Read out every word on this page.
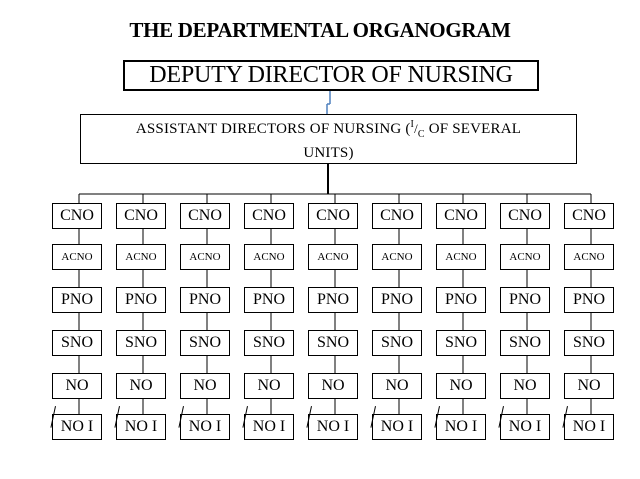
THE DEPARTMENTAL ORGANOGRAM
DEPUTY DIRECTOR OF NURSING
ASSISTANT DIRECTORS OF NURSING ($^I/_C$ OF SEVERAL UNITS)
CNO
ACNO
PNO
SNO
NO
NO I
CNO
ACNO
PNO
SNO
NO
NO I
CNO
ACNO
PNO
SNO
NO
NO I
CNO
ACNO
PNO
SNO
NO
NO I
CNO
ACNO
PNO
SNO
NO
NO I
CNO
ACNO
PNO
SNO
NO
NO I
CNO
ACNO
PNO
SNO
NO
NO I
CNO
ACNO
PNO
SNO
NO
NO I
CNO
ACNO
PNO
SNO
NO
NO I
